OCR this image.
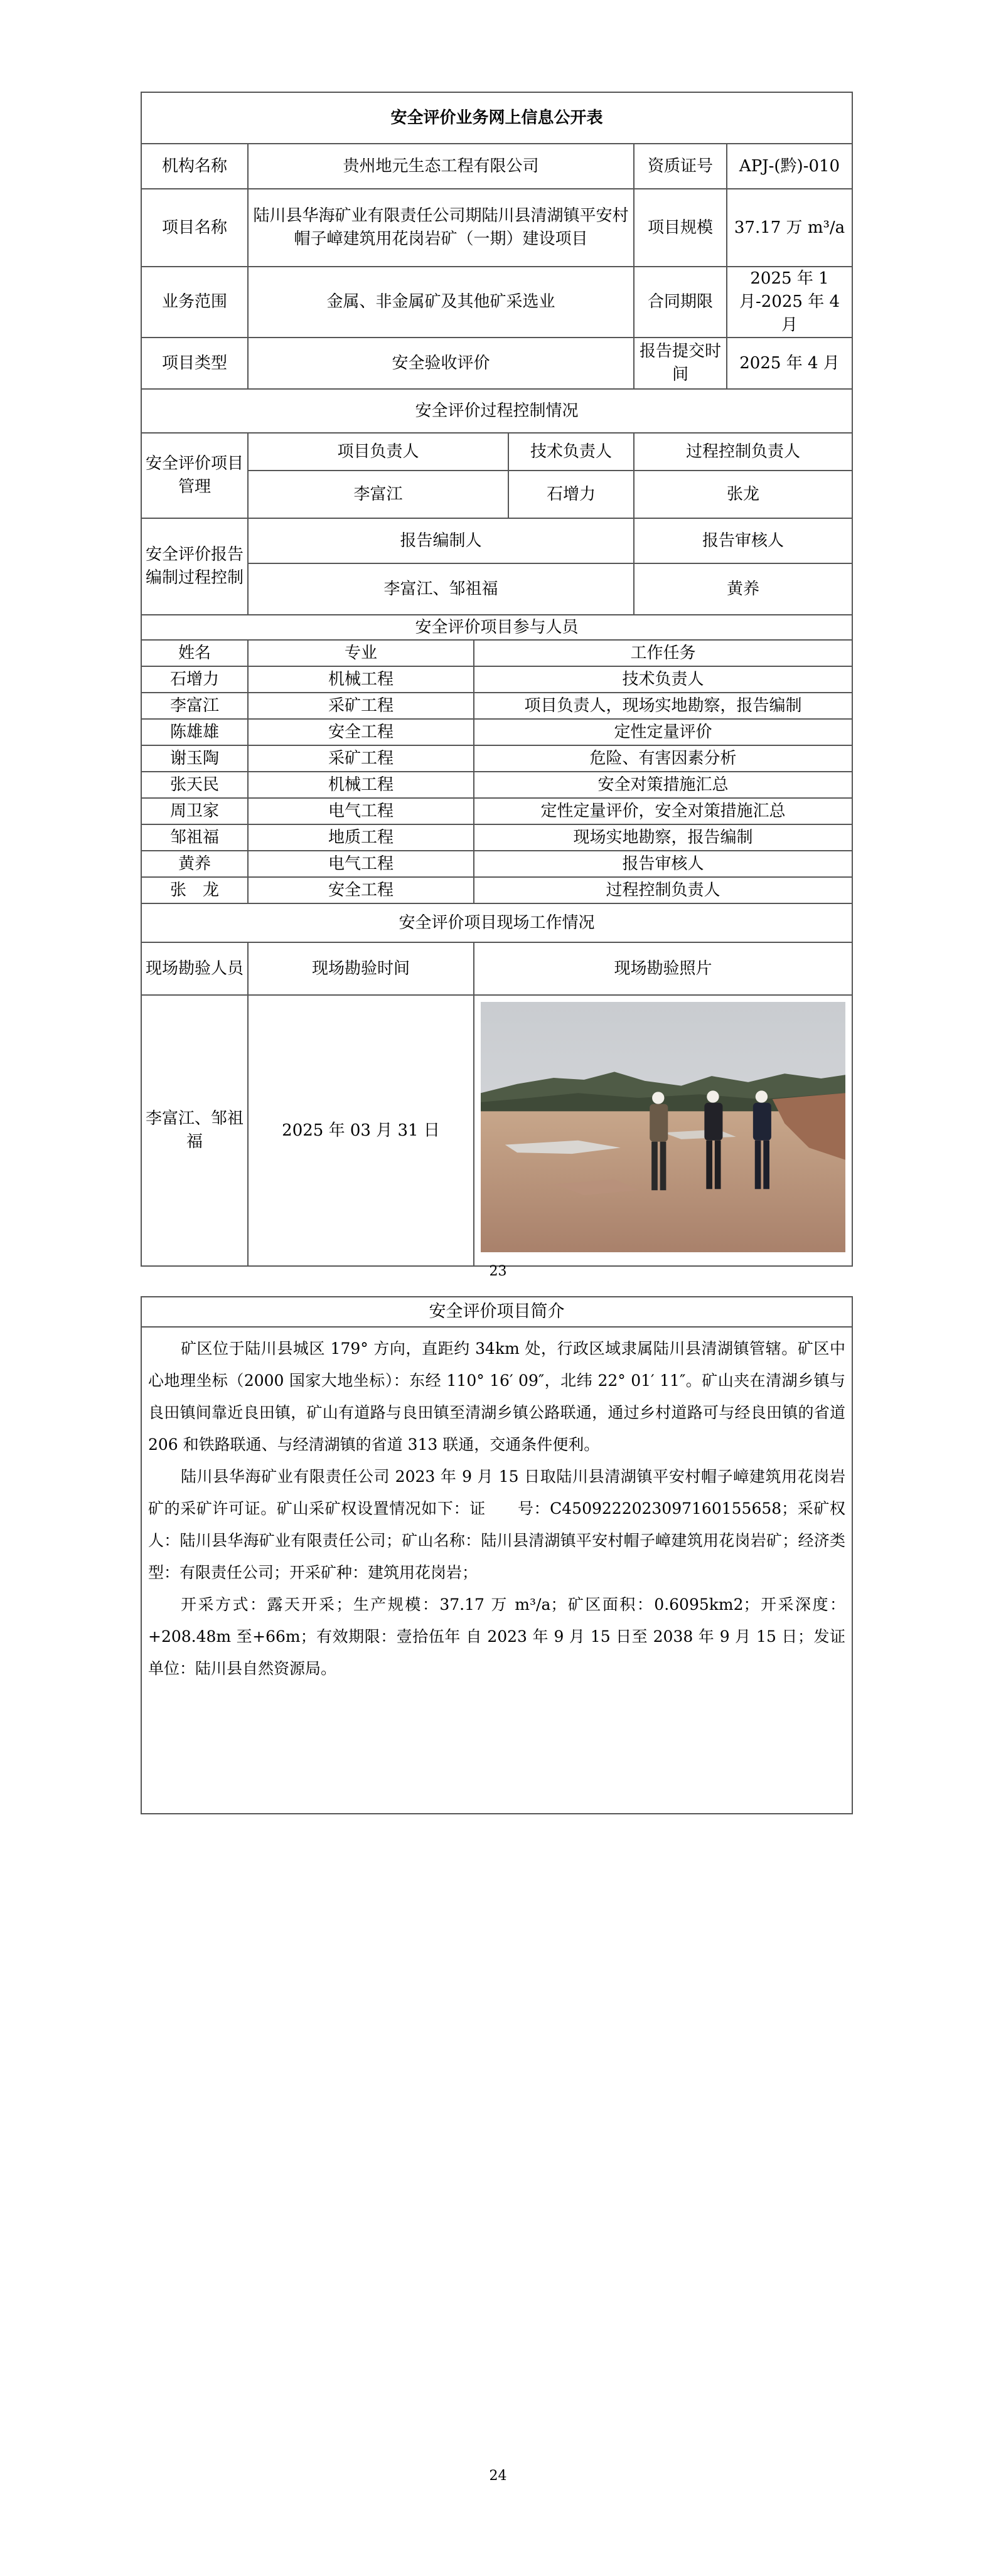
安全评价业务网上信息公开表					
机构名称	贵州地元生态工程有限公司			资质证号	APJ-(黔)-010
项目名称	陆川县华海矿业有限责任公司期陆川县清湖镇平安村帽子嶂建筑用花岗岩矿（一期）建设项目			项目规模	37.17 万 m³/a
业务范围	金属、非金属矿及其他矿采选业			合同期限	2025 年 1 月-2025 年 4 月
项目类型	安全验收评价			报告提交时间	2025 年 4 月
安全评价过程控制情况					
安全评价项目管理	项目负责人		技术负责人	过程控制负责人	
	李富江		石增力	张龙	
安全评价报告编制过程控制	报告编制人			报告审核人	
	李富江、邹祖福			黄养	
安全评价项目参与人员					
姓名	专业	工作任务			
石增力	机械工程	技术负责人			
李富江	采矿工程	项目负责人，现场实地勘察，报告编制			
陈雄雄	安全工程	定性定量评价			
谢玉陶	采矿工程	危险、有害因素分析			
张天民	机械工程	安全对策措施汇总			
周卫家	电气工程	定性定量评价，安全对策措施汇总			
邹祖福	地质工程	现场实地勘察，报告编制			
黄养	电气工程	报告审核人			
张　龙	安全工程	过程控制负责人			
安全评价项目现场工作情况					
现场勘验人员	现场勘验时间	现场勘验照片			
李富江、邹祖福	2025 年 03 月 31 日	
23
安全评价项目简介

矿区位于陆川县城区 179° 方向，直距约 34km 处，行政区域隶属陆川县清湖镇管辖。矿区中心地理坐标（2000 国家大地坐标）：东经 110° 16′ 09″，北纬 22° 01′ 11″。矿山夹在清湖乡镇与良田镇间靠近良田镇，矿山有道路与良田镇至清湖乡镇公路联通，通过乡村道路可与经良田镇的省道 206 和铁路联通、与经清湖镇的省道 313 联通，交通条件便利。

陆川县华海矿业有限责任公司 2023 年 9 月 15 日取陆川县清湖镇平安村帽子嶂建筑用花岗岩矿的采矿许可证。矿山采矿权设置情况如下：证　　号：C4509222023097160155658；采矿权人：陆川县华海矿业有限责任公司；矿山名称：陆川县清湖镇平安村帽子嶂建筑用花岗岩矿；经济类型：有限责任公司；开采矿种：建筑用花岗岩；

开采方式：露天开采；生产规模：37.17 万 m³/a；矿区面积：0.6095km2；开采深度：+208.48m 至+66m；有效期限：壹拾伍年 自 2023 年 9 月 15 日至 2038 年 9 月 15 日；发证单位：陆川县自然资源局。

24
